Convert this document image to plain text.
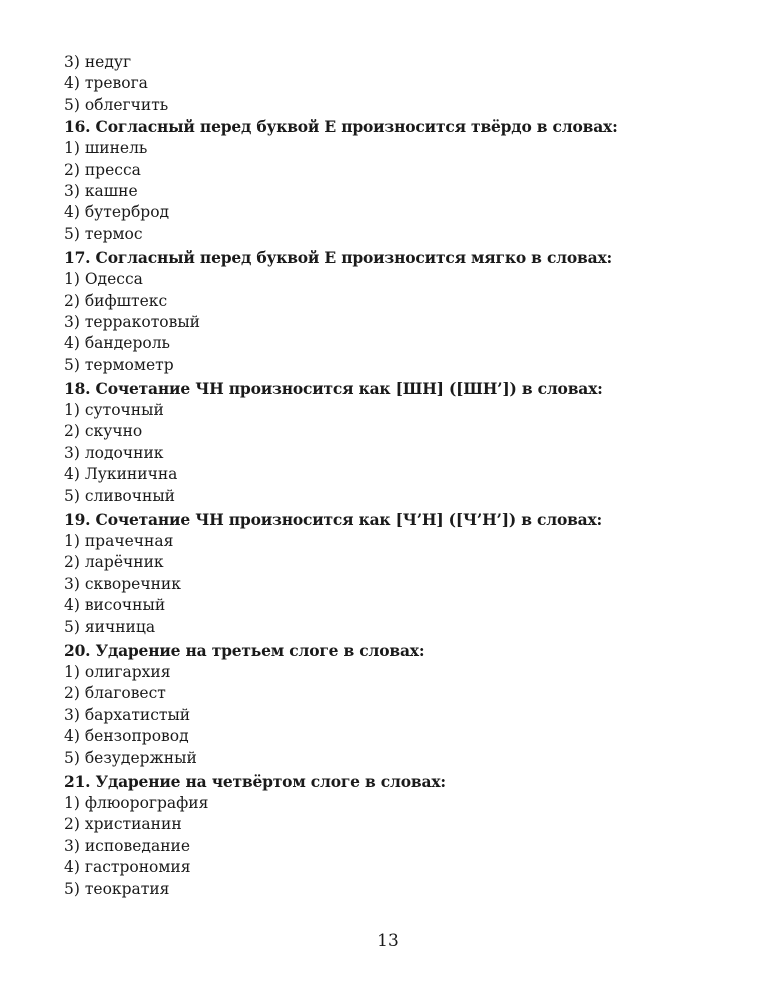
3) недуг
4) тревога
5) облегчить
16. Согласный перед буквой Е произносится твёрдо в словах:
1) шинель
2) пресса
3) кашне
4) бутерброд
5) термос
17. Согласный перед буквой Е произносится мягко в словах:
1) Одесса
2) бифштекс
3) терракотовый
4) бандероль
5) термометр
18. Сочетание ЧН произносится как [ШН] ([ШН’]) в словах:
1) суточный
2) скучно
3) лодочник
4) Лукинична
5) сливочный
19. Сочетание ЧН произносится как [Ч’Н] ([Ч’Н’]) в словах:
1) прачечная
2) ларёчник
3) скворечник
4) височный
5) яичница
20. Ударение на третьем слоге в словах:
1) олигархия
2) благовест
3) бархатистый
4) бензопровод
5) безудержный
21. Ударение на четвёртом слоге в словах:
1) флюорография
2) христианин
3) исповедание
4) гастрономия
5) теократия
13
